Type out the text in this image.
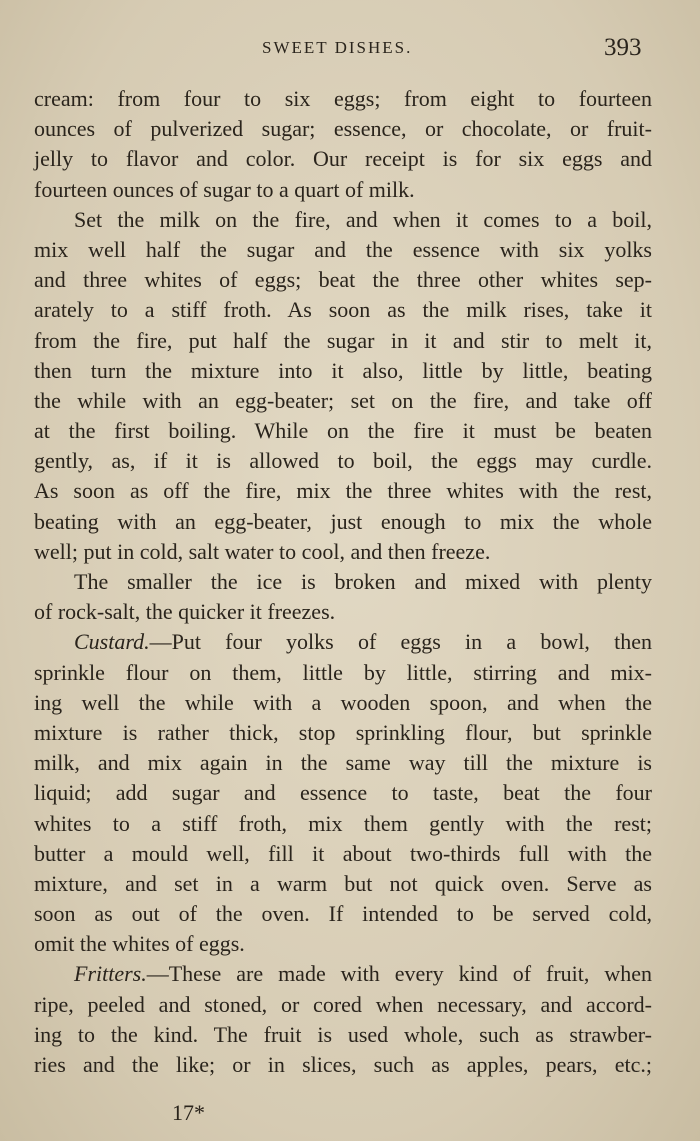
SWEET DISHES.	393
cream: from four to six eggs; from eight to fourteen
ounces of pulverized sugar; essence, or chocolate, or fruit-
jelly to flavor and color. Our receipt is for six eggs and
fourteen ounces of sugar to a quart of milk.
Set the milk on the fire, and when it comes to a boil,
mix well half the sugar and the essence with six yolks
and three whites of eggs; beat the three other whites sep-
arately to a stiff froth. As soon as the milk rises, take it
from the fire, put half the sugar in it and stir to melt it,
then turn the mixture into it also, little by little, beating
the while with an egg-beater; set on the fire, and take off
at the first boiling. While on the fire it must be beaten
gently, as, if it is allowed to boil, the eggs may curdle.
As soon as off the fire, mix the three whites with the rest,
beating with an egg-beater, just enough to mix the whole
well; put in cold, salt water to cool, and then freeze.
The smaller the ice is broken and mixed with plenty
of rock-salt, the quicker it freezes.
Custard.—Put four yolks of eggs in a bowl, then
sprinkle flour on them, little by little, stirring and mix-
ing well the while with a wooden spoon, and when the
mixture is rather thick, stop sprinkling flour, but sprinkle
milk, and mix again in the same way till the mixture is
liquid; add sugar and essence to taste, beat the four
whites to a stiff froth, mix them gently with the rest;
butter a mould well, fill it about two-thirds full with the
mixture, and set in a warm but not quick oven. Serve as
soon as out of the oven. If intended to be served cold,
omit the whites of eggs.
Fritters.—These are made with every kind of fruit, when
ripe, peeled and stoned, or cored when necessary, and accord-
ing to the kind. The fruit is used whole, such as strawber-
ries and the like; or in slices, such as apples, pears, etc.;
17*
